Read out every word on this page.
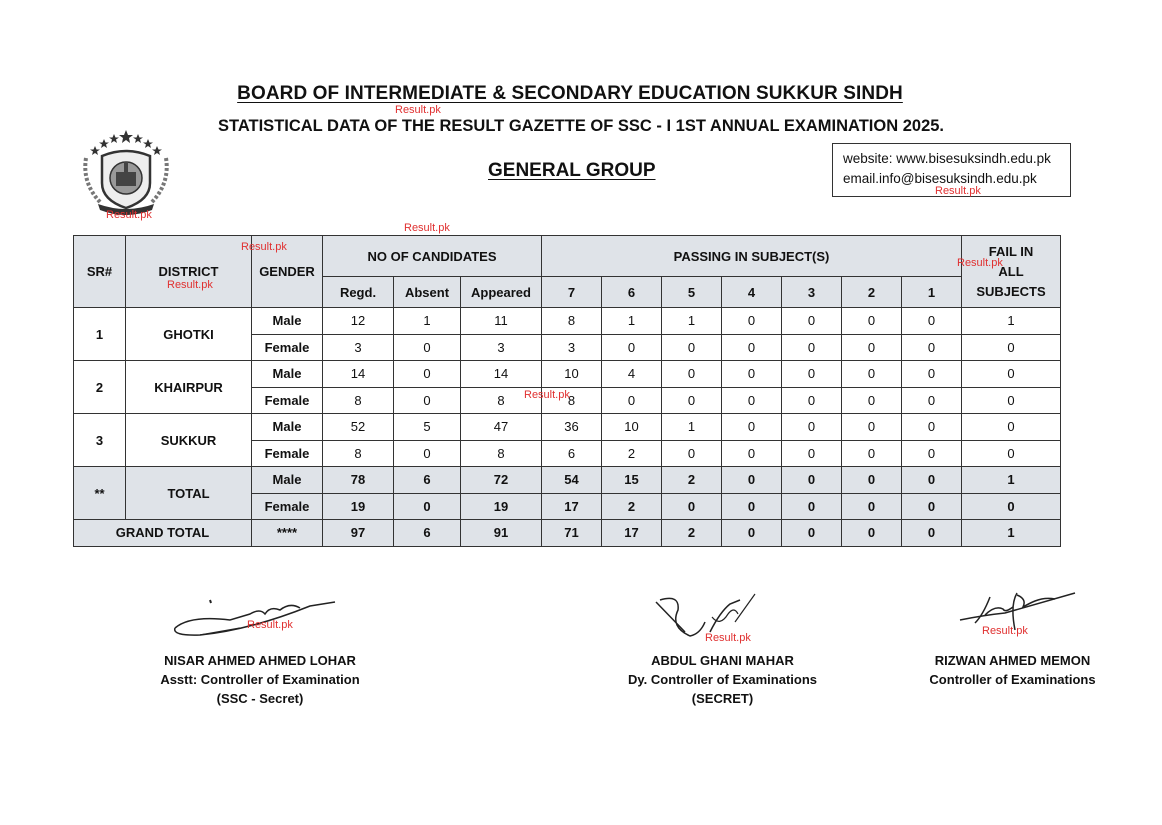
BOARD OF INTERMEDIATE & SECONDARY EDUCATION SUKKUR SINDH
Result.pk
STATISTICAL DATA OF THE RESULT GAZETTE OF SSC - I 1ST ANNUAL EXAMINATION 2025.
Result.pk
GENERAL GROUP
website: www.bisesuksindh.edu.pk
email.info@bisesuksindh.edu.pk
Result.pk
Result.pk
SR#	DISTRICT	GENDER	NO OF CANDIDATES			PASSING IN SUBJECT(S)							FAIL IN ALL SUBJECTS
			Regd.	Absent	Appeared	7	6	5	4	3	2	1	
1	GHOTKI	Male	12	1	11	8	1	1	0	0	0	0	1
		Female	3	0	3	3	0	0	0	0	0	0	0
2	KHAIRPUR	Male	14	0	14	10	4	0	0	0	0	0	0
		Female	8	0	8	8	0	0	0	0	0	0	0
3	SUKKUR	Male	52	5	47	36	10	1	0	0	0	0	0
		Female	8	0	8	6	2	0	0	0	0	0	0
**	TOTAL	Male	78	6	72	54	15	2	0	0	0	0	1
		Female	19	0	19	17	2	0	0	0	0	0	0
GRAND TOTAL		****	97	6	91	71	17	2	0	0	0	0	1
Result.pk
Result.pk
Result.pk
Result.pk
Result.pk
Result.pk
Result.pk
NISAR AHMED AHMED LOHAR
Asstt: Controller of Examination
(SSC - Secret)
ABDUL GHANI MAHAR
Dy. Controller of Examinations
(SECRET)
RIZWAN AHMED MEMON
Controller of Examinations
